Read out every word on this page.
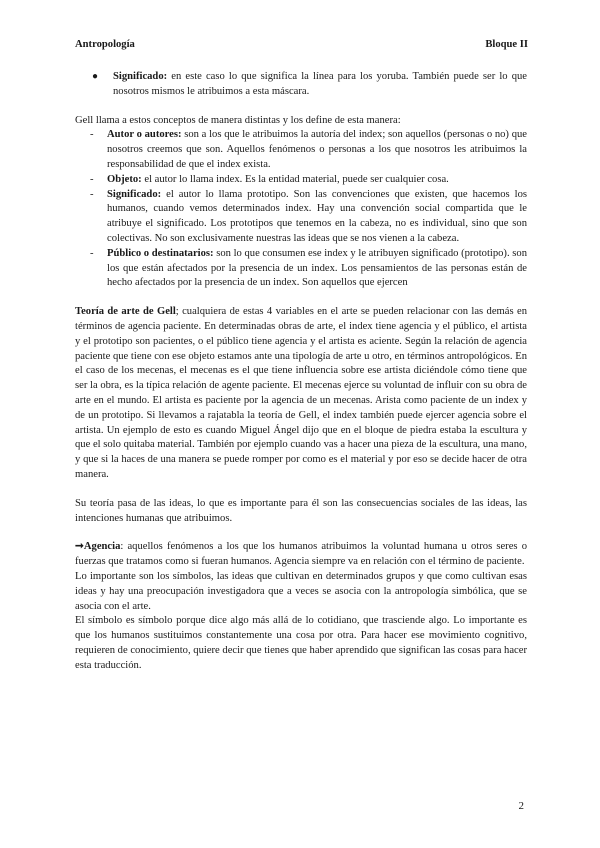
Antropología	Bloque II
●	Significado: en este caso lo que significa la línea para los yoruba. También puede ser lo que nosotros mismos le atribuimos a esta máscara.

Gell llama a estos conceptos de manera distintas y los define de esta manera:

-	Autor o autores: son a los que le atribuimos la autoría del index; son aquellos (personas o no) que nosotros creemos que son. Aquellos fenómenos o personas a los que nosotros les atribuimos la responsabilidad de que el index exista.

-	Objeto: el autor lo llama index. Es la entidad material, puede ser cualquier cosa.

-	Significado: el autor lo llama prototipo. Son las convenciones que existen, que hacemos los humanos, cuando vemos determinados index. Hay una convención social compartida que le atribuye el significado. Los prototipos que tenemos en la cabeza, no es individual, sino que son colectivas. No son exclusivamente nuestras las ideas que se nos vienen a la cabeza.

-	Público o destinatarios: son lo que consumen ese index y le atribuyen significado (prototipo). son los que están afectados por la presencia de un index. Los pensamientos de las personas están de hecho afectados por la presencia de un index. Son aquellos que ejercen

Teoría de arte de Gell; cualquiera de estas 4 variables en el arte se pueden relacionar con las demás en términos de agencia paciente. En determinadas obras de arte, el index tiene agencia y el público, el artista y el prototipo son pacientes, o el público tiene agencia y el artista es aciente. Según la relación de agencia paciente que tiene con ese objeto estamos ante una tipología de arte u otro, en términos antropológicos. En el caso de los mecenas, el mecenas es el que tiene influencia sobre ese artista diciéndole cómo tiene que ser la obra, es la típica relación de agente paciente. El mecenas ejerce su voluntad de influir con su obra de arte en el mundo. El artista es paciente por la agencia de un mecenas. Arista como paciente de un index y de un prototipo. Si llevamos a rajatabla la teoría de Gell, el index también puede ejercer agencia sobre el artista. Un ejemplo de esto es cuando Miguel Ángel dijo que en el bloque de piedra estaba la escultura y que el solo quitaba material. También por ejemplo cuando vas a hacer una pieza de la escultura, una mano, y que si la haces de una manera se puede romper por como es el material y por eso se decide hacer de otra manera.

Su teoría pasa de las ideas, lo que es importante para él son las consecuencias sociales de las ideas, las intenciones humanas que atribuimos.

➞Agencia: aquellos fenómenos a los que los humanos atribuimos la voluntad humana u otros seres o fuerzas que tratamos como si fueran humanos. Agencia siempre va en relación con el término de paciente.

Lo importante son los símbolos, las ideas que cultivan en determinados grupos y que como cultivan esas ideas y hay una preocupación investigadora que a veces se asocia con la antropología simbólica, que se asocia con el arte.

El símbolo es símbolo porque dice algo más allá de lo cotidiano, que trasciende algo. Lo importante es que los humanos sustituimos constantemente una cosa por otra. Para hacer ese movimiento cognitivo, requieren de conocimiento, quiere decir que tienes que haber aprendido que significan las cosas para hacer esta traducción.

2
